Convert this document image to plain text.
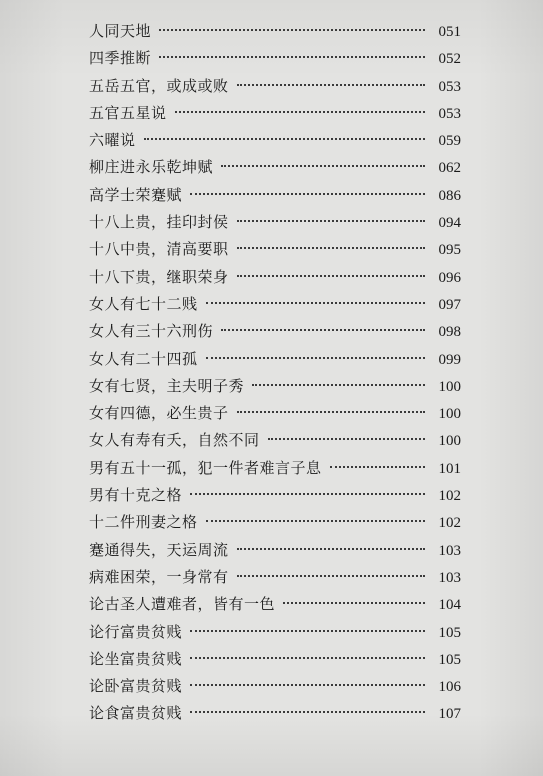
人同天地	051
四季推断	052
五岳五官，或成或败	053
五官五星说	053
六曜说	059
柳庄进永乐乾坤赋	062
高学士荣蹇赋	086
十八上贵，挂印封侯	094
十八中贵，清高要职	095
十八下贵，继职荣身	096
女人有七十二贱	097
女人有三十六刑伤	098
女人有二十四孤	099
女有七贤，主夫明子秀	100
女有四德，必生贵子	100
女人有寿有夭，自然不同	100
男有五十一孤，犯一件者难言子息	101
男有十克之格	102
十二件刑妻之格	102
蹇通得失，天运周流	103
病难困荣，一身常有	103
论古圣人遭难者，皆有一色	104
论行富贵贫贱	105
论坐富贵贫贱	105
论卧富贵贫贱	106
论食富贵贫贱	107
